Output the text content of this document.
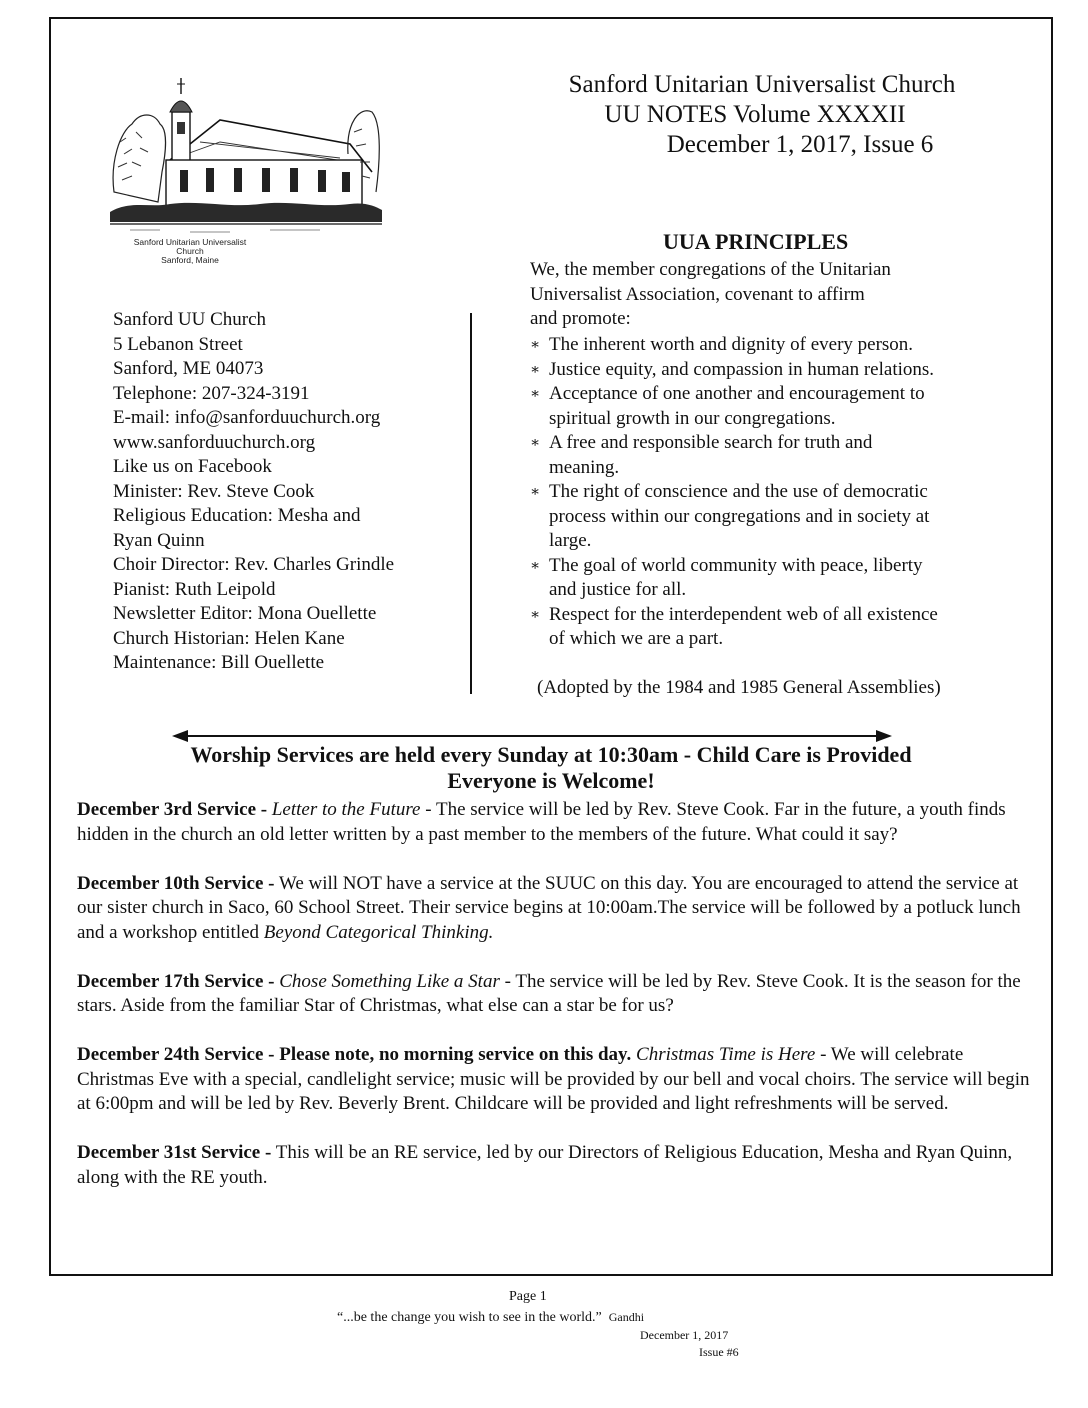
Sanford Unitarian Universalist
Church
Sanford, Maine
Sanford Unitarian Universalist Church
UU NOTES Volume XXXXII
December 1, 2017, Issue 6
Sanford UU Church
5 Lebanon Street
Sanford, ME 04073
Telephone: 207-324-3191
E-mail: info@sanforduuchurch.org
www.sanforduuchurch.org
Like us on Facebook
Minister: Rev. Steve Cook
Religious Education: Mesha and
Ryan Quinn
Choir Director: Rev. Charles Grindle
Pianist: Ruth Leipold
Newsletter Editor: Mona Ouellette
Church Historian: Helen Kane
Maintenance: Bill Ouellette
UUA PRINCIPLES
We, the member congregations of the Unitarian
Universalist Association, covenant to affirm
and promote:
∗ The inherent worth and dignity of every person.
∗ Justice equity, and compassion in human relations.
∗ Acceptance of one another and encouragement to
spiritual growth in our congregations.
∗ A free and responsible search for truth and
meaning.
∗ The right of conscience and the use of democratic
process within our congregations and in society at
large.
∗ The goal of world community with peace, liberty
and justice for all.
∗ Respect for the interdependent web of all existence
of which we are a part.
(Adopted by the 1984 and 1985 General Assemblies)
Worship Services are held every Sunday at 10:30am - Child Care is Provided
Everyone is Welcome!

December 3rd Service - Letter to the Future - The service will be led by Rev. Steve Cook. Far in the future, a youth finds hidden in the church an old letter written by a past member to the members of the future. What could it say?

December 10th Service - We will NOT have a service at the SUUC on this day. You are encouraged to attend the service at our sister church in Saco, 60 School Street. Their service begins at 10:00am.The service will be followed by a potluck lunch and a workshop entitled Beyond Categorical Thinking.

December 17th Service - Chose Something Like a Star - The service will be led by Rev. Steve Cook. It is the season for the stars. Aside from the familiar Star of Christmas, what else can a star be for us?

December 24th Service - Please note, no morning service on this day. Christmas Time is Here - We will celebrate Christmas Eve with a special, candlelight service; music will be provided by our bell and vocal choirs. The service will begin at 6:00pm and will be led by Rev. Beverly Brent. Childcare will be provided and light refreshments will be served.

December 31st Service - This will be an RE service, led by our Directors of Religious Education, Mesha and Ryan Quinn, along with the RE youth.

Page 1
“...be the change you wish to see in the world.” Gandhi
December 1, 2017
Issue #6
